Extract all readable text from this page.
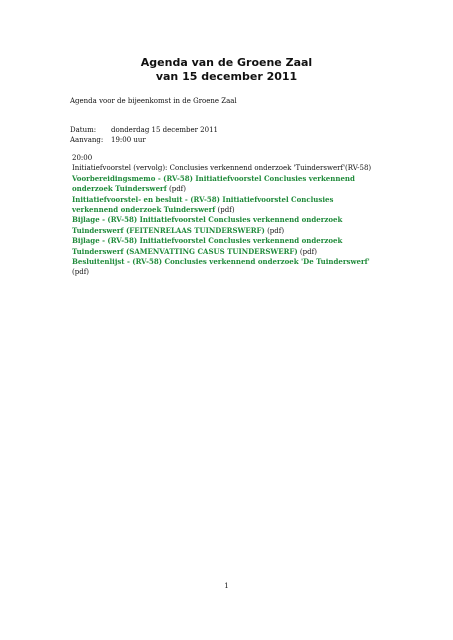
Agenda van de Groene Zaal
van 15 december 2011
Agenda voor de bijeenkomst in de Groene Zaal
Datum: donderdag 15 december 2011
Aanvang: 19:00 uur
20:00
Initiatiefvoorstel (vervolg): Conclusies verkennend onderzoek 'Tuinderswerf'(RV-58)
Voorbereidingsmemo - (RV-58) Initiatiefvoorstel Conclusies verkennend onderzoek Tuinderswerf (pdf)
Initiatiefvoorstel- en besluit - (RV-58) Initiatiefvoorstel Conclusies verkennend onderzoek Tuinderswerf (pdf)
Bijlage - (RV-58) Initiatiefvoorstel Conclusies verkennend onderzoek Tuinderswerf (FEITENRELAAS TUINDERSWERF) (pdf)
Bijlage - (RV-58) Initiatiefvoorstel Conclusies verkennend onderzoek Tuinderswerf (SAMENVATTING CASUS TUINDERSWERF) (pdf)
Besluitenlijst - (RV-58) Conclusies verkennend onderzoek 'De Tuinderswerf' (pdf)
1
